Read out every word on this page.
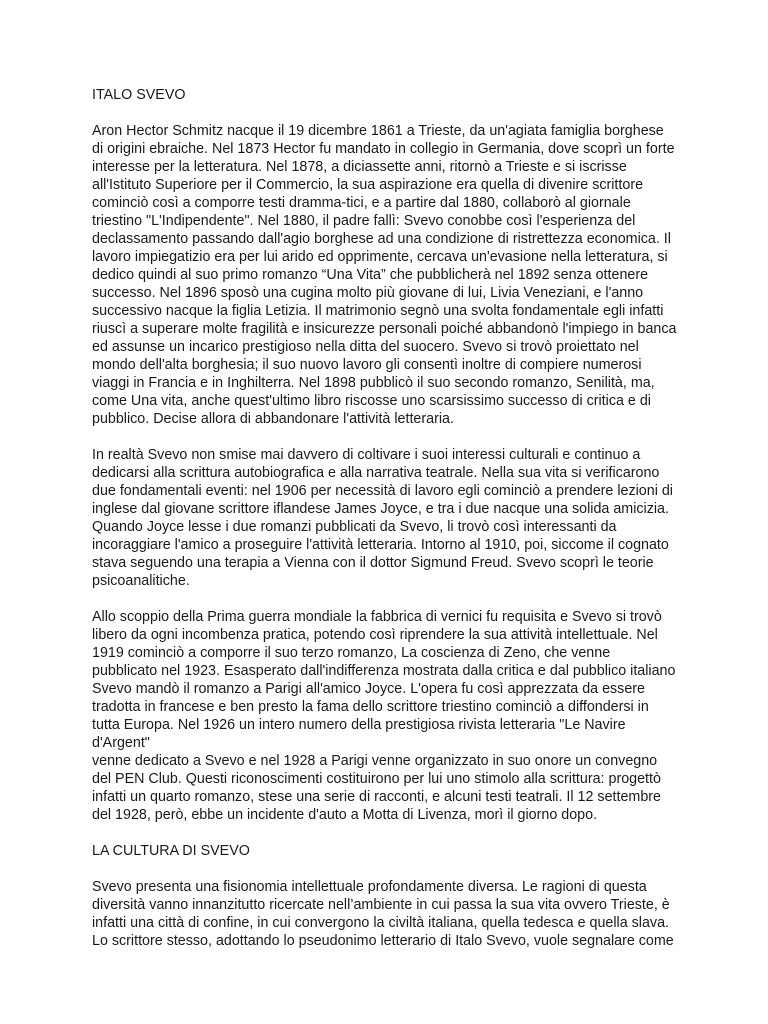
ITALO SVEVO

Aron Hector Schmitz nacque il 19 dicembre 1861 a Trieste, da un'agiata famiglia borghese
di origini ebraiche. Nel 1873 Hector fu mandato in collegio in Germania, dove scoprì un forte
interesse per la letteratura. Nel 1878, a diciassette anni, ritornò a Trieste e si iscrisse
all'Istituto Superiore per il Commercio, la sua aspirazione era quella di divenire scrittore
cominciò così a comporre testi dramma-tici, e a partire dal 1880, collaborò al giornale
triestino "L'Indipendente". Nel 1880, il padre fallì: Svevo conobbe così l'esperienza del
declassamento passando dall'agio borghese ad una condizione di ristrettezza economica. Il
lavoro impiegatizio era per lui arido ed opprimente, cercava un'evasione nella letteratura, si
dedico quindi al suo primo romanzo “Una Vita” che pubblicherà nel 1892 senza ottenere
successo. Nel 1896 sposò una cugina molto più giovane di lui, Livia Veneziani, e l'anno
successivo nacque la figlia Letizia. Il matrimonio segnò una svolta fondamentale egli infatti
riuscì a superare molte fragilità e insicurezze personali poiché abbandonò l'impiego in banca
ed assunse un incarico prestigioso nella ditta del suocero. Svevo si trovò proiettato nel
mondo dell'alta borghesia; il suo nuovo lavoro gli consentì inoltre di compiere numerosi
viaggi in Francia e in Inghilterra. Nel 1898 pubblicò il suo secondo romanzo, Senilità, ma,
come Una vita, anche quest'ultimo libro riscosse uno scarsissimo successo di critica e di
pubblico. Decise allora di abbandonare l'attività letteraria.

In realtà Svevo non smise mai davvero di coltivare i suoi interessi culturali e continuo a
dedicarsi alla scrittura autobiografica e alla narrativa teatrale. Nella sua vita si verificarono
due fondamentali eventi: nel 1906 per necessità di lavoro egli cominciò a prendere lezioni di
inglese dal giovane scrittore iflandese James Joyce, e tra i due nacque una solida amicizia.
Quando Joyce lesse i due romanzi pubblicati da Svevo, li trovò così interessanti da
incoraggiare l'amico a proseguire l'attività letteraria. Intorno al 1910, poi, siccome il cognato
stava seguendo una terapia a Vienna con il dottor Sigmund Freud. Svevo scoprì le teorie
psicoanalitiche.

Allo scoppio della Prima guerra mondiale la fabbrica di vernici fu requisita e Svevo si trovò
libero da ogni incombenza pratica, potendo così riprendere la sua attività intellettuale. Nel
1919 cominciò a comporre il suo terzo romanzo, La coscienza di Zeno, che venne
pubblicato nel 1923. Esasperato dall'indifferenza mostrata dalla critica e dal pubblico italiano
Svevo mandò il romanzo a Parigi all'amico Joyce. L'opera fu così apprezzata da essere
tradotta in francese e ben presto la fama dello scrittore triestino cominciò a diffondersi in
tutta Europa. Nel 1926 un intero numero della prestigiosa rivista letteraria "Le Navire
d'Argent"
venne dedicato a Svevo e nel 1928 a Parigi venne organizzato in suo onore un convegno
del PEN Club. Questi riconoscimenti costituirono per lui uno stimolo alla scrittura: progettò
infatti un quarto romanzo, stese una serie di racconti, e alcuni testi teatrali. Il 12 settembre
del 1928, però, ebbe un incidente d'auto a Motta di Livenza, morì il giorno dopo.

LA CULTURA DI SVEVO

Svevo presenta una fisionomia intellettuale profondamente diversa. Le ragioni di questa
diversità vanno innanzitutto ricercate nell’ambiente in cui passa la sua vita ovvero Trieste, è
infatti una città di confine, in cui convergono la civiltà italiana, quella tedesca e quella slava.
Lo scrittore stesso, adottando lo pseudonimo letterario di Italo Svevo, vuole segnalare come
